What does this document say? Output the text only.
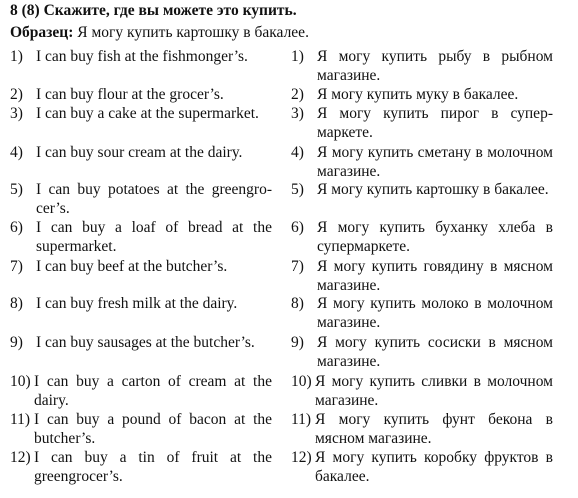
8 (8) Скажите, где вы можете это купить.
Образец: Я могу купить картошку в бакалее.
1) I can buy fish at the fishmonger’s.
2) I can buy flour at the grocer’s.
3) I can buy a cake at the supermarket.
4) I can buy sour cream at the dairy.
5) I can buy potatoes at the greengrocer’s.
6) I can buy a loaf of bread at the supermarket.
7) I can buy beef at the butcher’s.
8) I can buy fresh milk at the dairy.
9) I can buy sausages at the butcher’s.
10) I can buy a carton of cream at the dairy.
11) I can buy a pound of bacon at the butcher’s.
12) I can buy a tin of fruit at the greengrocer’s.
1) Я могу купить рыбу в рыбном магазине.
2) Я могу купить муку в бакалее.
3) Я могу купить пирог в супермаркете.
4) Я могу купить сметану в молочном магазине.
5) Я могу купить картошку в бакалее.
6) Я могу купить буханку хлеба в супермаркете.
7) Я могу купить говядину в мясном магазине.
8) Я могу купить молоко в молочном магазине.
9) Я могу купить сосиски в мясном магазине.
10) Я могу купить сливки в молочном магазине.
11) Я могу купить фунт бекона в мясном магазине.
12) Я могу купить коробку фруктов в бакалее.
